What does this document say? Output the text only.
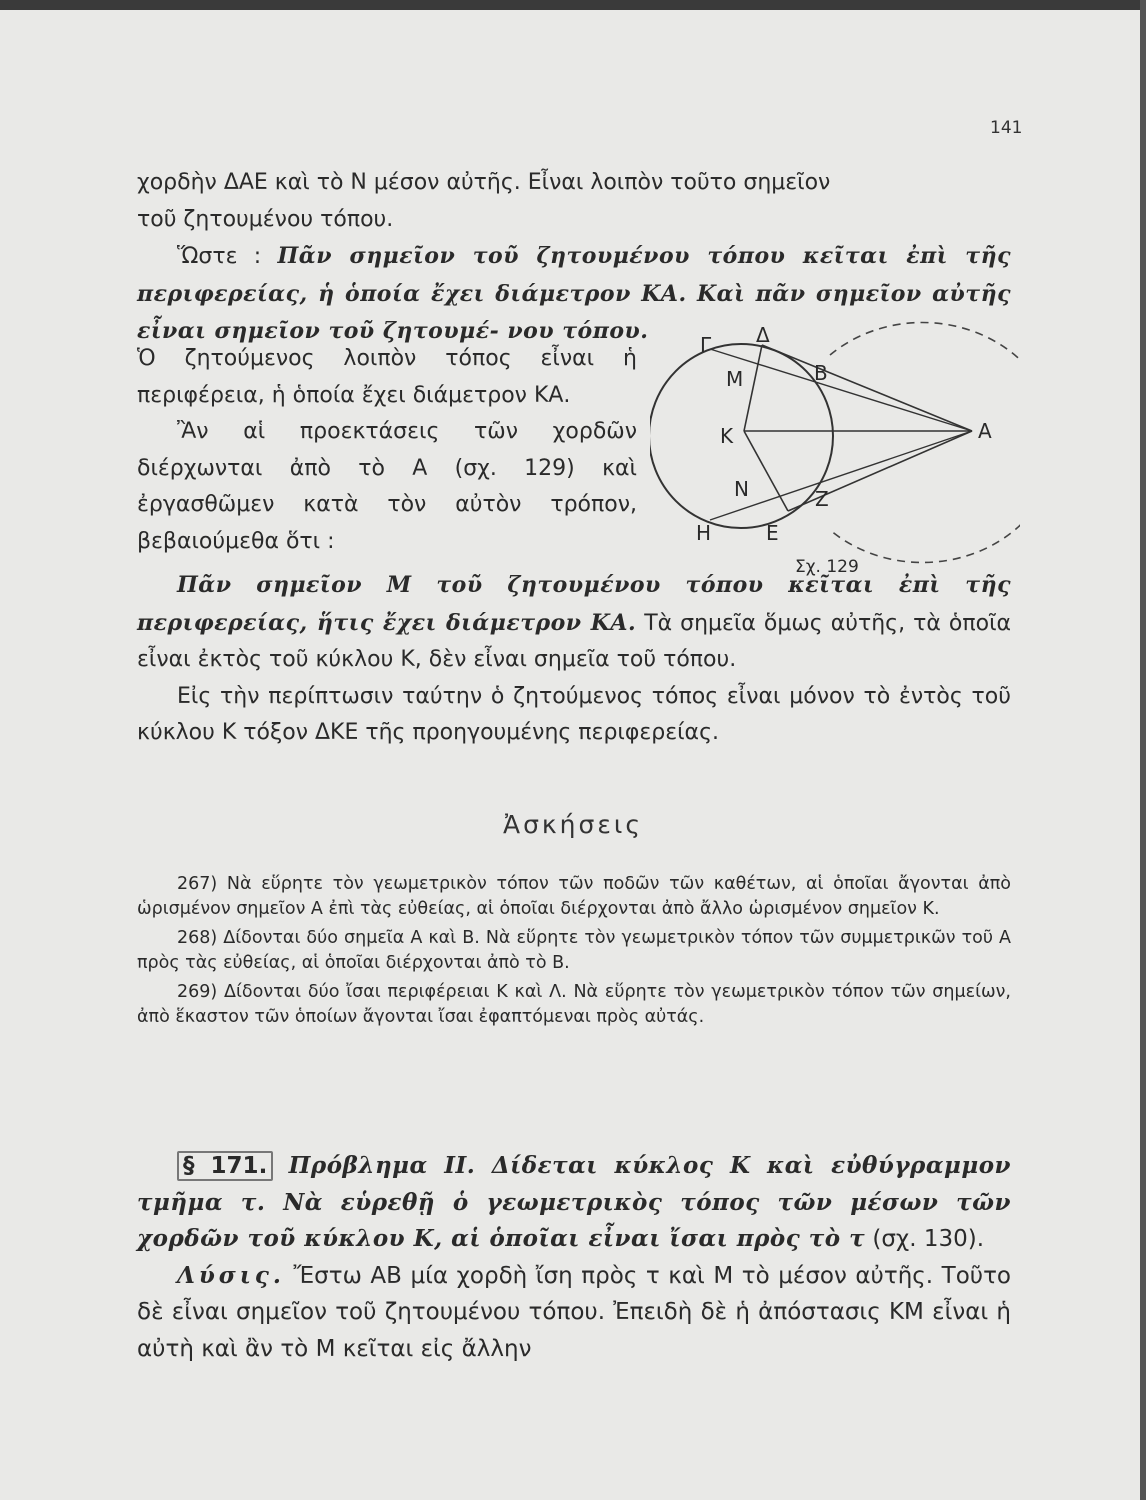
141

χορδὴν ΔΑΕ καὶ τὸ Ν μέσον αὐτῆς. Εἶναι λοιπὸν τοῦτο σημεῖον

τοῦ ζητουμένου τόπου.

Ὥστε : Πᾶν σημεῖον τοῦ ζητουμένου τόπου κεῖται ἐπὶ τῆς περιφερείας, ἡ ὁποία ἔχει διάμετρον ΚΑ. Καὶ πᾶν σημεῖον αὐτῆς εἶναι σημεῖον τοῦ ζητουμέ- νου τόπου.

Ὁ ζητούμενος λοιπὸν τόπος εἶναι ἡ περιφέρεια, ἡ ὁποία ἔχει διάμετρον ΚΑ.

Ἂν αἱ προεκτάσεις τῶν χορδῶν διέρχωνται ἀπὸ τὸ Α (σχ. 129) καὶ ἐργασθῶμεν κατὰ τὸν αὐτὸν τρόπον, βεβαιούμεθα ὅτι :

Πᾶν σημεῖον Μ τοῦ ζητουμένου τόπου κεῖται ἐπὶ τῆς περιφερείας, ἥτις ἔχει διάμετρον ΚΑ. Τὰ σημεῖα ὅμως αὐτῆς, τὰ ὁποῖα εἶναι ἐκτὸς τοῦ κύκλου Κ, δὲν εἶναι σημεῖα τοῦ τόπου.

Εἰς τὴν περίπτωσιν ταύτην ὁ ζητούμενος τόπος εἶναι μόνον τὸ ἐντὸς τοῦ κύκλου Κ τόξον ΔΚΕ τῆς προηγουμένης περιφερείας.

Γ Δ
Β
Μ
Κ	Α
Ν	Ζ
Η	Ε
Σχ. 129
Ἀσκήσεις

267) Νὰ εὕρητε τὸν γεωμετρικὸν τόπον τῶν ποδῶν τῶν καθέτων, αἱ ὁποῖαι ἄγονται ἀπὸ ὡρισμένον σημεῖον Α ἐπὶ τὰς εὐθείας, αἱ ὁποῖαι διέρχονται ἀπὸ ἄλλο ὡρισμένον σημεῖον Κ.

268) Δίδονται δύο σημεῖα Α καὶ Β. Νὰ εὕρητε τὸν γεωμετρικὸν τόπον τῶν συμμετρικῶν τοῦ Α πρὸς τὰς εὐθείας, αἱ ὁποῖαι διέρχονται ἀπὸ τὸ Β.

269) Δίδονται δύο ἴσαι περιφέρειαι Κ καὶ Λ. Νὰ εὕρητε τὸν γεωμετρικὸν τόπον τῶν σημείων, ἀπὸ ἕκαστον τῶν ὁποίων ἄγονται ἴσαι ἐφαπτόμεναι πρὸς αὐτάς.

§ 171. Πρόβλημα ΙΙ. Δίδεται κύκλος Κ καὶ εὐθύγραμμον τμῆμα τ. Νὰ εὑρεθῇ ὁ γεωμετρικὸς τόπος τῶν μέσων τῶν χορδῶν τοῦ κύκλου Κ, αἱ ὁποῖαι εἶναι ἴσαι πρὸς τὸ τ (σχ. 130).

Λύσις. Ἔστω ΑΒ μία χορδὴ ἴση πρὸς τ καὶ Μ τὸ μέσον αὐτῆς. Τοῦτο δὲ εἶναι σημεῖον τοῦ ζητουμένου τόπου. Ἐπειδὴ δὲ ἡ ἀπόστασις ΚΜ εἶναι ἡ αὐτὴ καὶ ἂν τὸ Μ κεῖται εἰς ἄλλην
